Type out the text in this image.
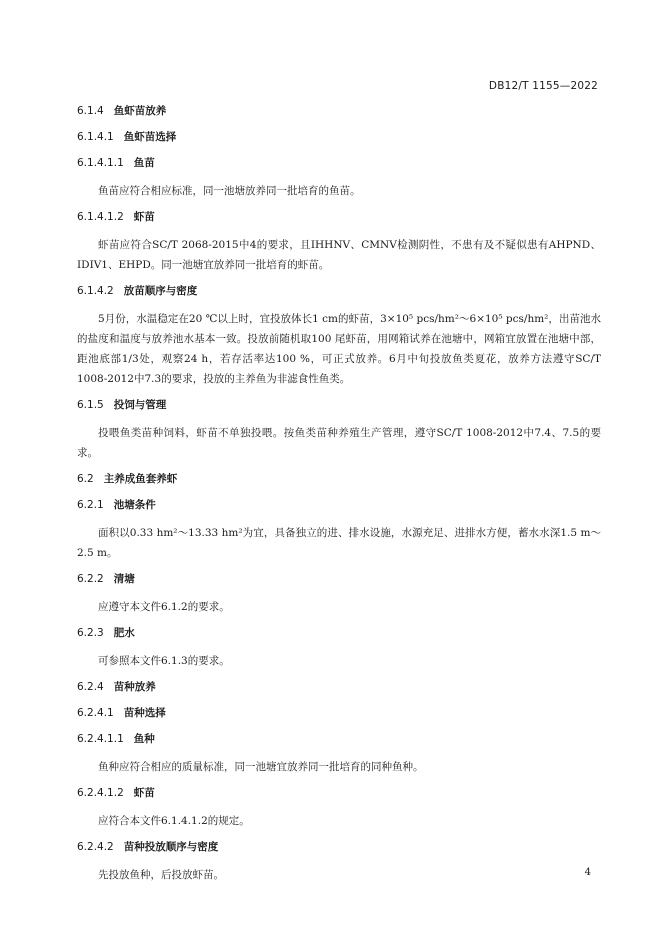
DB12/T 1155—2022
6.1.4 鱼虾苗放养
6.1.4.1 鱼虾苗选择
6.1.4.1.1 鱼苗

鱼苗应符合相应标准，同一池塘放养同一批培育的鱼苗。

6.1.4.1.2 虾苗

虾苗应符合SC/T 2068-2015中4的要求，且IHHNV、CMNV检测阴性，不患有及不疑似患有AHPND、IDIV1、EHPD。同一池塘宜放养同一批培育的虾苗。

6.1.4.2 放苗顺序与密度

5月份，水温稳定在20 ℃以上时，宜投放体长1 cm的虾苗，3×10⁵ pcs/hm²～6×10⁵ pcs/hm²，出苗池水的盐度和温度与放养池水基本一致。投放前随机取100 尾虾苗，用网箱试养在池塘中，网箱宜放置在池塘中部，距池底部1/3处，观察24 h，若存活率达100 %，可正式放养。6月中旬投放鱼类夏花，放养方法遵守SC/T 1008-2012中7.3的要求，投放的主养鱼为非滤食性鱼类。

6.1.5 投饲与管理

投喂鱼类苗种饲料，虾苗不单独投喂。按鱼类苗种养殖生产管理，遵守SC/T 1008-2012中7.4、7.5的要求。

6.2 主养成鱼套养虾
6.2.1 池塘条件

面积以0.33 hm²～13.33 hm²为宜，具备独立的进、排水设施，水源充足、进排水方便，蓄水水深1.5 m～2.5 m。

6.2.2 清塘

应遵守本文件6.1.2的要求。

6.2.3 肥水

可参照本文件6.1.3的要求。

6.2.4 苗种放养
6.2.4.1 苗种选择
6.2.4.1.1 鱼种

鱼种应符合相应的质量标准，同一池塘宜放养同一批培育的同种鱼种。

6.2.4.1.2 虾苗

应符合本文件6.1.4.1.2的规定。

6.2.4.2 苗种投放顺序与密度

先投放鱼种，后投放虾苗。	4
